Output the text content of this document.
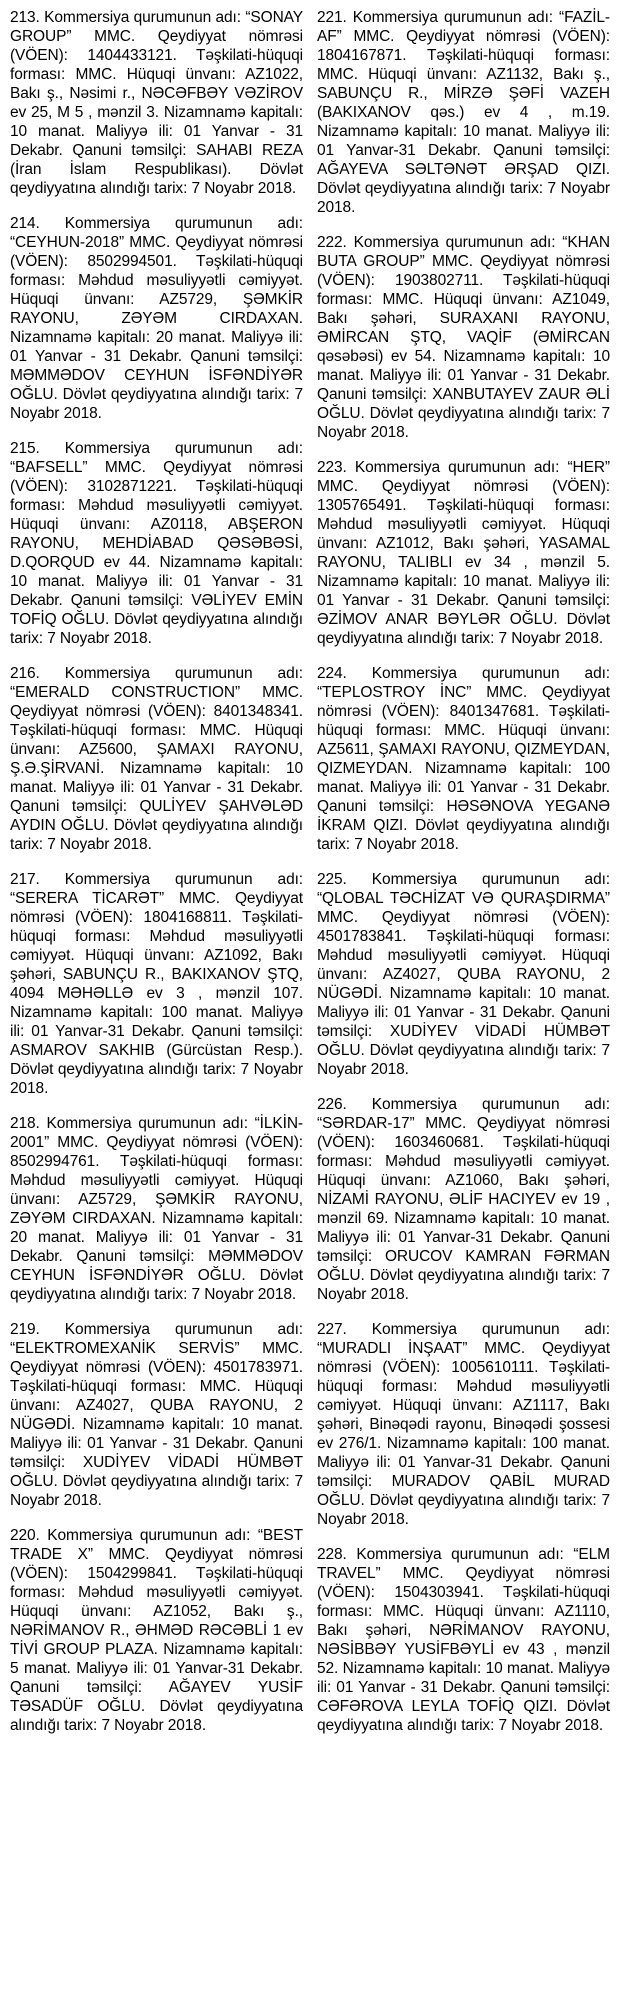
213. Kommersiya qurumunun adı: “SONAY GROUP” MMC. Qeydiyyat nömrəsi (VÖEN): 1404433121. Təşkilati-hüquqi forması: MMC. Hüquqi ünvanı: AZ1022, Bakı ş., Nəsimi r., NƏCƏFBƏY VƏZİROV ev 25, M 5 , mənzil 3. Nizamnamə kapitalı: 10 manat. Maliyyə ili: 01 Yanvar - 31 Dekabr. Qanuni təmsilçi: SAHABI REZA (İran İslam Respublikası). Dövlət qeydiyyatına alındığı tarix: 7 Noyabr 2018.

214. Kommersiya qurumunun adı: “CEYHUN-2018” MMC. Qeydiyyat nömrəsi (VÖEN): 8502994501. Təşkilati-hüquqi forması: Məhdud məsuliyyətli cəmiyyət. Hüquqi ünvanı: AZ5729, ŞƏMKİR RAYONU, ZƏYƏM CIRDAXAN. Nizamnamə kapitalı: 20 manat. Maliyyə ili: 01 Yanvar - 31 Dekabr. Qanuni təmsilçi: MƏMMƏDOV CEYHUN İSFƏNDİYƏR OĞLU. Dövlət qeydiyyatına alındığı tarix: 7 Noyabr 2018.

215. Kommersiya qurumunun adı: “BAFSELL” MMC. Qeydiyyat nömrəsi (VÖEN): 3102871221. Təşkilati-hüquqi forması: Məhdud məsuliyyətli cəmiyyət. Hüquqi ünvanı: AZ0118, ABŞERON RAYONU, MEHDİABAD QƏSƏBƏSİ, D.QORQUD ev 44. Nizamnamə kapitalı: 10 manat. Maliyyə ili: 01 Yanvar - 31 Dekabr. Qanuni təmsilçi: VƏLİYEV EMİN TOFİQ OĞLU. Dövlət qeydiyyatına alındığı tarix: 7 Noyabr 2018.

216. Kommersiya qurumunun adı: “EMERALD CONSTRUCTION” MMC. Qeydiyyat nömrəsi (VÖEN): 8401348341. Təşkilati-hüquqi forması: MMC. Hüquqi ünvanı: AZ5600, ŞAMAXI RAYONU, Ş.Ə.ŞİRVANİ. Nizamnamə kapitalı: 10 manat. Maliyyə ili: 01 Yanvar - 31 Dekabr. Qanuni təmsilçi: QULİYEV ŞAHVƏLƏD AYDIN OĞLU. Dövlət qeydiyyatına alındığı tarix: 7 Noyabr 2018.

217. Kommersiya qurumunun adı: “SERERA TİCARƏT” MMC. Qeydiyyat nömrəsi (VÖEN): 1804168811. Təşkilati-hüquqi forması: Məhdud məsuliyyətli cəmiyyət. Hüquqi ünvanı: AZ1092, Bakı şəhəri, SABUNÇU R., BAKIXANOV ŞTQ, 4094 MƏHƏLLƏ ev 3 , mənzil 107. Nizamnamə kapitalı: 100 manat. Maliyyə ili: 01 Yanvar-31 Dekabr. Qanuni təmsilçi: ASMAROV SAKHIB (Gürcüstan Resp.). Dövlət qeydiyyatına alındığı tarix: 7 Noyabr 2018.

218. Kommersiya qurumunun adı: “İLKİN-2001” MMC. Qeydiyyat nömrəsi (VÖEN): 8502994761. Təşkilati-hüquqi forması: Məhdud məsuliyyətli cəmiyyət. Hüquqi ünvanı: AZ5729, ŞƏMKİR RAYONU, ZƏYƏM CIRDAXAN. Nizamnamə kapitalı: 20 manat. Maliyyə ili: 01 Yanvar - 31 Dekabr. Qanuni təmsilçi: MƏMMƏDOV CEYHUN İSFƏNDİYƏR OĞLU. Dövlət qeydiyyatına alındığı tarix: 7 Noyabr 2018.

219. Kommersiya qurumunun adı: “ELEKTROMEXANİK SERVİS” MMC. Qeydiyyat nömrəsi (VÖEN): 4501783971. Təşkilati-hüquqi forması: MMC. Hüquqi ünvanı: AZ4027, QUBA RAYONU, 2 NÜGƏDİ. Nizamnamə kapitalı: 10 manat. Maliyyə ili: 01 Yanvar - 31 Dekabr. Qanuni təmsilçi: XUDİYEV VİDADİ HÜMBƏT OĞLU. Dövlət qeydiyyatına alındığı tarix: 7 Noyabr 2018.

220. Kommersiya qurumunun adı: “BEST TRADE X” MMC. Qeydiyyat nömrəsi (VÖEN): 1504299841. Təşkilati-hüquqi forması: Məhdud məsuliyyətli cəmiyyət. Hüquqi ünvanı: AZ1052, Bakı ş., NƏRİMANOV R., ƏHMƏD RƏCƏBLİ 1 ev TİVİ GROUP PLAZA. Nizamnamə kapitalı: 5 manat. Maliyyə ili: 01 Yanvar-31 Dekabr. Qanuni təmsilçi: AĞAYEV YUSİF TƏSADÜF OĞLU. Dövlət qeydiyyatına alındığı tarix: 7 Noyabr 2018.

221. Kommersiya qurumunun adı: “FAZİL-AF” MMC. Qeydiyyat nömrəsi (VÖEN): 1804167871. Təşkilati-hüquqi forması: MMC. Hüquqi ünvanı: AZ1132, Bakı ş., SABUNÇU R., MİRZƏ ŞƏFİ VAZEH (BAKIXANOV qəs.) ev 4 , m.19. Nizamnamə kapitalı: 10 manat. Maliyyə ili: 01 Yanvar-31 Dekabr. Qanuni təmsilçi: AĞAYEVA SƏLTƏNƏT ƏRŞAD QIZI. Dövlət qeydiyyatına alındığı tarix: 7 Noyabr 2018.

222. Kommersiya qurumunun adı: “KHAN BUTA GROUP” MMC. Qeydiyyat nömrəsi (VÖEN): 1903802711. Təşkilati-hüquqi forması: MMC. Hüquqi ünvanı: AZ1049, Bakı şəhəri, SURAXANI RAYONU, ƏMİRCAN ŞTQ, VAQİF (ƏMİRCAN qəsəbəsi) ev 54. Nizamnamə kapitalı: 10 manat. Maliyyə ili: 01 Yanvar - 31 Dekabr. Qanuni təmsilçi: XANBUTAYEV ZAUR ƏLİ OĞLU. Dövlət qeydiyyatına alındığı tarix: 7 Noyabr 2018.

223. Kommersiya qurumunun adı: “HER” MMC. Qeydiyyat nömrəsi (VÖEN): 1305765491. Təşkilati-hüquqi forması: Məhdud məsuliyyətli cəmiyyət. Hüquqi ünvanı: AZ1012, Bakı şəhəri, YASAMAL RAYONU, TALIBLI ev 34 , mənzil 5. Nizamnamə kapitalı: 10 manat. Maliyyə ili: 01 Yanvar - 31 Dekabr. Qanuni təmsilçi: ƏZİMOV ANAR BƏYLƏR OĞLU. Dövlət qeydiyyatına alındığı tarix: 7 Noyabr 2018.

224. Kommersiya qurumunun adı: “TEPLOSTROY İNC” MMC. Qeydiyyat nömrəsi (VÖEN): 8401347681. Təşkilati-hüquqi forması: MMC. Hüquqi ünvanı: AZ5611, ŞAMAXI RAYONU, QIZMEYDAN, QIZMEYDAN. Nizamnamə kapitalı: 100 manat. Maliyyə ili: 01 Yanvar - 31 Dekabr. Qanuni təmsilçi: HƏSƏNOVA YEGANƏ İKRAM QIZI. Dövlət qeydiyyatına alındığı tarix: 7 Noyabr 2018.

225. Kommersiya qurumunun adı: “QLOBAL TƏCHİZAT VƏ QURAŞDIRMA” MMC. Qeydiyyat nömrəsi (VÖEN): 4501783841. Təşkilati-hüquqi forması: Məhdud məsuliyyətli cəmiyyət. Hüquqi ünvanı: AZ4027, QUBA RAYONU, 2 NÜGƏDİ. Nizamnamə kapitalı: 10 manat. Maliyyə ili: 01 Yanvar - 31 Dekabr. Qanuni təmsilçi: XUDİYEV VİDADİ HÜMBƏT OĞLU. Dövlət qeydiyyatına alındığı tarix: 7 Noyabr 2018.

226. Kommersiya qurumunun adı: “SƏRDAR-17” MMC. Qeydiyyat nömrəsi (VÖEN): 1603460681. Təşkilati-hüquqi forması: Məhdud məsuliyyətli cəmiyyət. Hüquqi ünvanı: AZ1060, Bakı şəhəri, NİZAMİ RAYONU, ƏLİF HACIYEV ev 19 , mənzil 69. Nizamnamə kapitalı: 10 manat. Maliyyə ili: 01 Yanvar-31 Dekabr. Qanuni təmsilçi: ORUCOV KAMRAN FƏRMAN OĞLU. Dövlət qeydiyyatına alındığı tarix: 7 Noyabr 2018.

227. Kommersiya qurumunun adı: “MURADLI İNŞAAT” MMC. Qeydiyyat nömrəsi (VÖEN): 1005610111. Təşkilati-hüquqi forması: Məhdud məsuliyyətli cəmiyyət. Hüquqi ünvanı: AZ1117, Bakı şəhəri, Binəqədi rayonu, Binəqədi şossesi ev 276/1. Nizamnamə kapitalı: 100 manat. Maliyyə ili: 01 Yanvar-31 Dekabr. Qanuni təmsilçi: MURADOV QABİL MURAD OĞLU. Dövlət qeydiyyatına alındığı tarix: 7 Noyabr 2018.

228. Kommersiya qurumunun adı: “ELM TRAVEL” MMC. Qeydiyyat nömrəsi (VÖEN): 1504303941. Təşkilati-hüquqi forması: MMC. Hüquqi ünvanı: AZ1110, Bakı şəhəri, NƏRİMANOV RAYONU, NƏSİBBƏY YUSİFBƏYLİ ev 43 , mənzil 52. Nizamnamə kapitalı: 10 manat. Maliyyə ili: 01 Yanvar - 31 Dekabr. Qanuni təmsilçi: CƏFƏROVA LEYLA TOFİQ QIZI. Dövlət qeydiyyatına alındığı tarix: 7 Noyabr 2018.
